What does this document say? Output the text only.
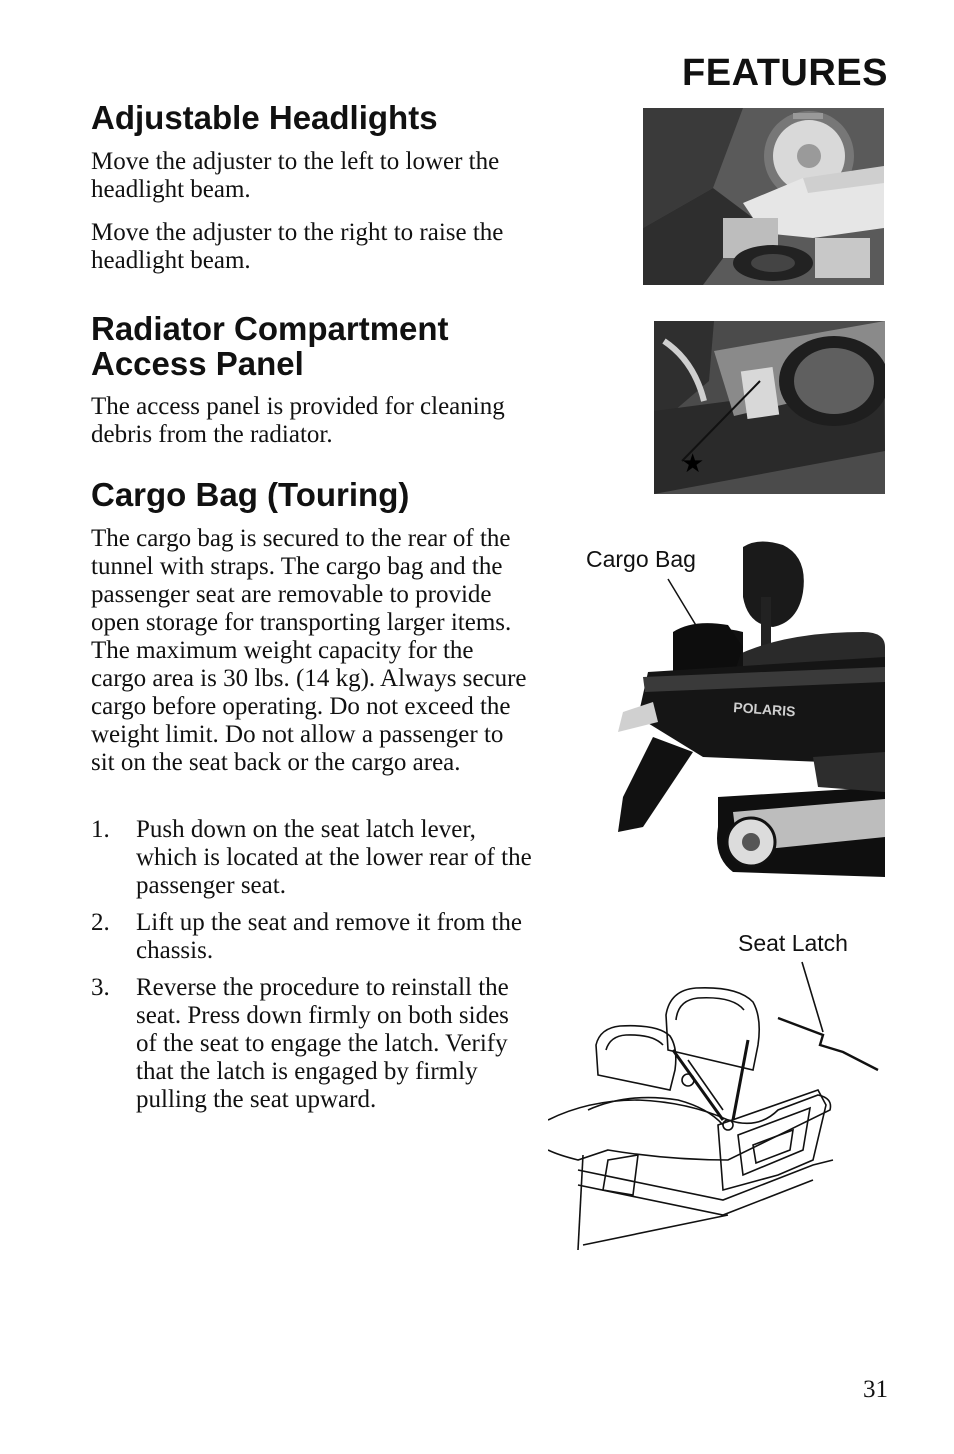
FEATURES
Adjustable Headlights

Move the adjuster to the left to lower the headlight beam.

Move the adjuster to the right to raise the headlight beam.

Radiator Compartment Access Panel

The access panel is provided for cleaning debris from the radiator.

Cargo Bag (Touring)

The cargo bag is secured to the rear of the tunnel with straps. The cargo bag and the passenger seat are removable to provide open storage for transporting larger items. The maximum weight capacity for the cargo area is 30 lbs. (14 kg). Always secure cargo before operating. Do not exceed the weight limit. Do not allow a passenger to sit on the seat back or the cargo area.

1. Push down on the seat latch lever, which is located at the lower rear of the passenger seat.
2. Lift up the seat and remove it from the chassis.
3. Reverse the procedure to reinstall the seat. Press down firmly on both sides of the seat to engage the latch. Verify that the latch is engaged by firmly pulling the seat upward.
★
Cargo Bag
POLARIS
Seat Latch
31
